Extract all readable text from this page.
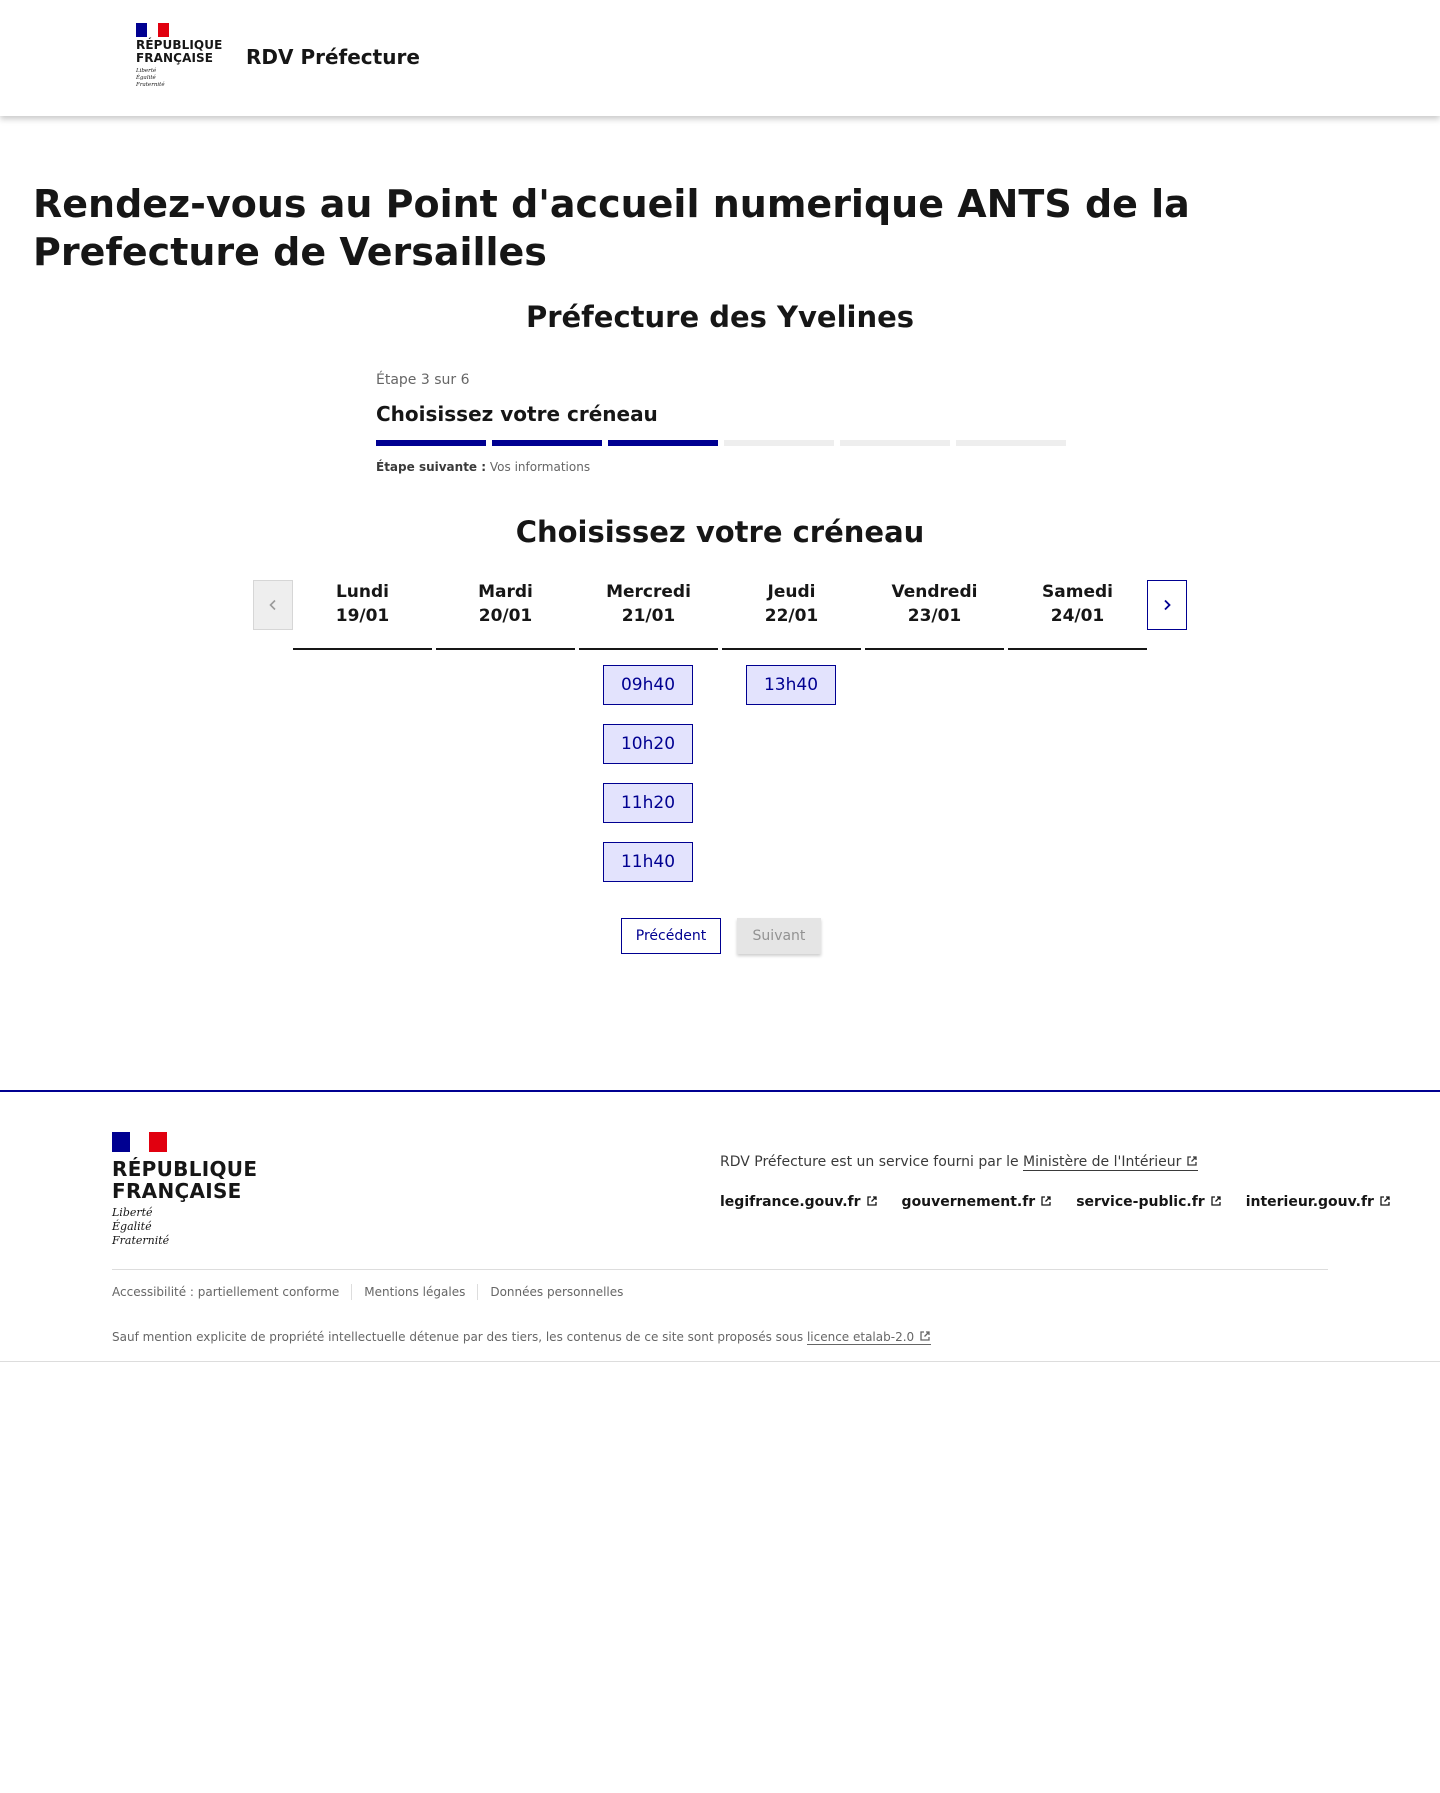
RÉPUBLIQUE
FRANÇAISE
Liberté
Égalité
Fraternité
RDV Préfecture
Rendez-vous au Point d'accueil numerique ANTS de la Prefecture de Versailles
Préfecture des Yvelines
Étape 3 sur 6
Choisissez votre créneau
Étape suivante : Vos informations
Choisissez votre créneau
Lundi
19/01
Mardi
20/01
Mercredi
21/01
09h40
10h20
11h20
11h40
Jeudi
22/01
13h40
Vendredi
23/01
Samedi
24/01
Précédent	Suivant
RÉPUBLIQUE
FRANÇAISE
Liberté
Égalité
Fraternité
RDV Préfecture est un service fourni par le Ministère de l'Intérieur
legifrance.gouv.fr	gouvernement.fr	service-public.fr	interieur.gouv.fr
Accessibilité : partiellement conforme Mentions légales Données personnelles
Sauf mention explicite de propriété intellectuelle détenue par des tiers, les contenus de ce site sont proposés sous licence etalab-2.0
